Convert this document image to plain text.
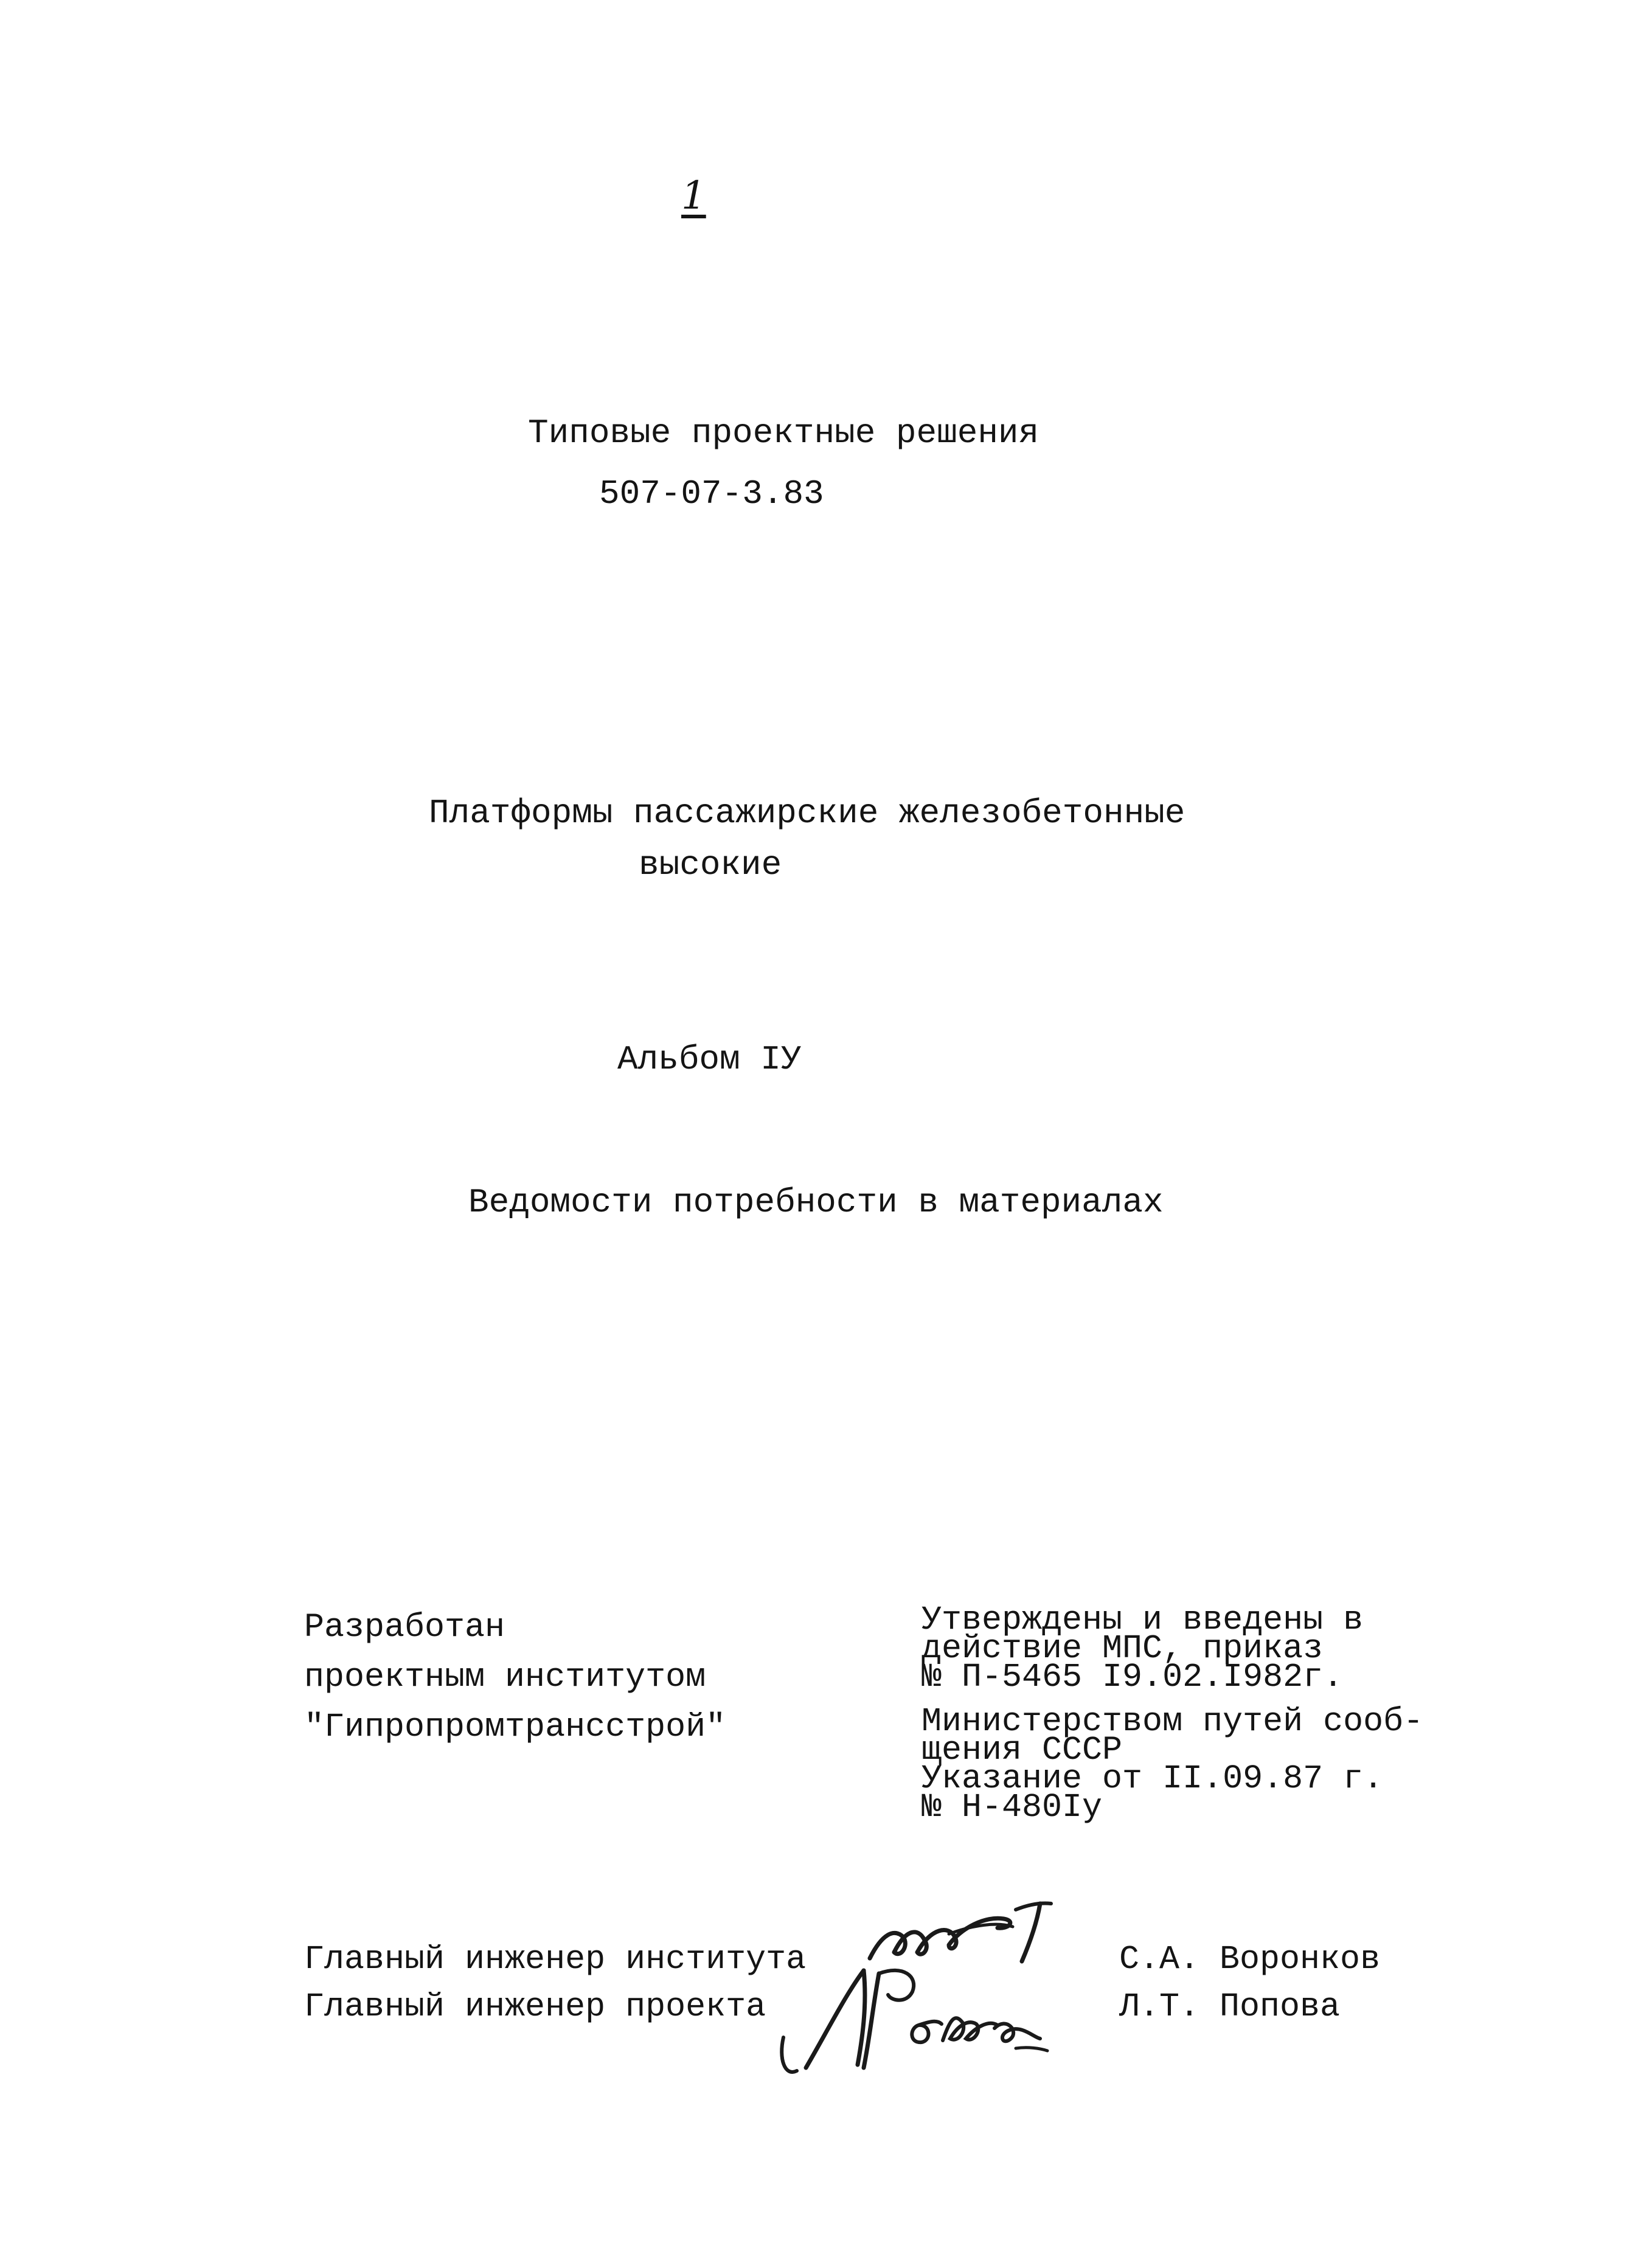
1
Типовые проектные решения
507-07-3.83
Платформы пассажирские железобетонные
высокие
Альбом IУ
Ведомости потребности в материалах
Разработан
проектным институтом
"Гипропромтрансстрой"
Утверждены и введены в
действие МПС, приказ
№ П-5465 I9.02.I982г.
Министерством путей сооб-
щения СССР
Указание от II.09.87 г.
№ Н-480Iу
Главный инженер института
Главный инженер проекта
С.А. Воронков
Л.Т. Попова
